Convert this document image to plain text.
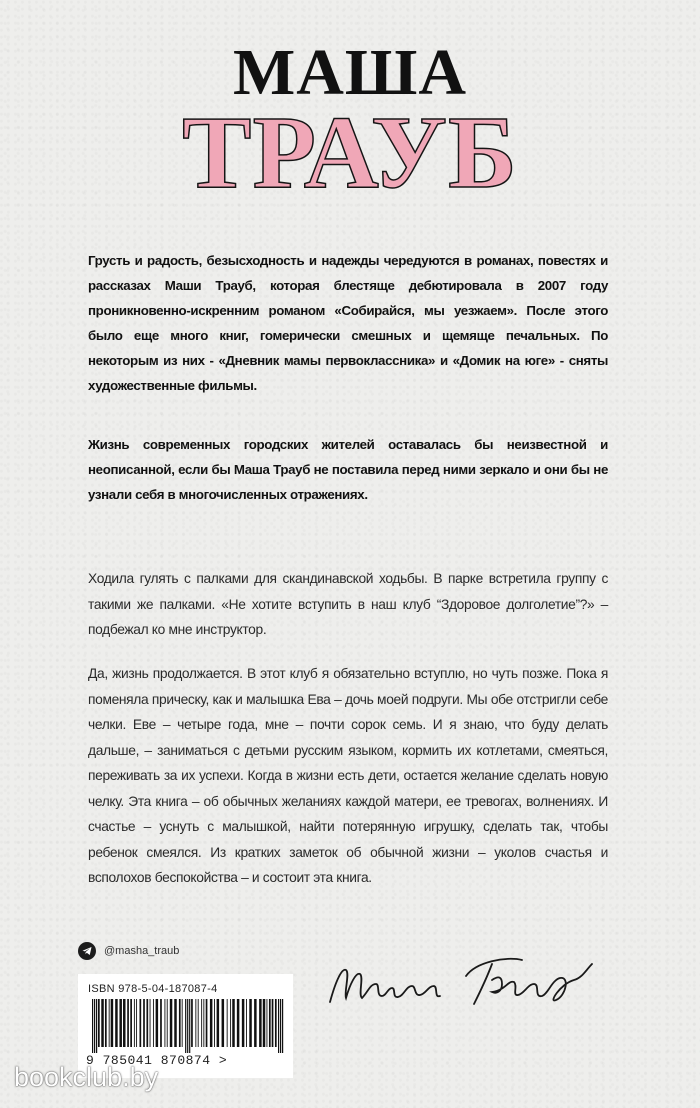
МАША
ТРАУБ

Грусть и радость, безысходность и надежды чередуются в романах, повестях и рассказах Маши Трауб, которая блестяще дебютировала в 2007 году проникновенно-искренним романом «Собирайся, мы уезжаем». После этого было еще много книг, гомерически смешных и щемяще печальных. По некоторым из них - «Дневник мамы первоклассника» и «Домик на юге» - сняты художественные фильмы.

Жизнь современных городских жителей оставалась бы неизвестной и неописанной, если бы Маша Трауб не поставила перед ними зеркало и они бы не узнали себя в многочисленных отражениях.

Ходила гулять с палками для скандинавской ходьбы. В парке встретила группу с такими же палками. «Не хотите вступить в наш клуб “Здоровое долголетие”?» – подбежал ко мне инструктор.

Да, жизнь продолжается. В этот клуб я обязательно вступлю, но чуть позже. Пока я поменяла прическу, как и малышка Ева – дочь моей подруги. Мы обе отстригли себе челки. Еве – четыре года, мне – почти сорок семь. И я знаю, что буду делать дальше, – заниматься с детьми русским языком, кормить их котлетами, смеяться, переживать за их успехи. Когда в жизни есть дети, остается желание сделать новую челку. Эта книга – об обычных желаниях каждой матери, ее тревогах, волнениях. И счастье – уснуть с малышкой, найти потерянную игрушку, сделать так, чтобы ребенок смеялся. Из кратких заметок об обычной жизни – уколов счастья и всполохов беспокойства – и состоит эта книга.

@masha_traub
ISBN 978-5-04-187087-4
9 785041 870874 >
bookclub.by
